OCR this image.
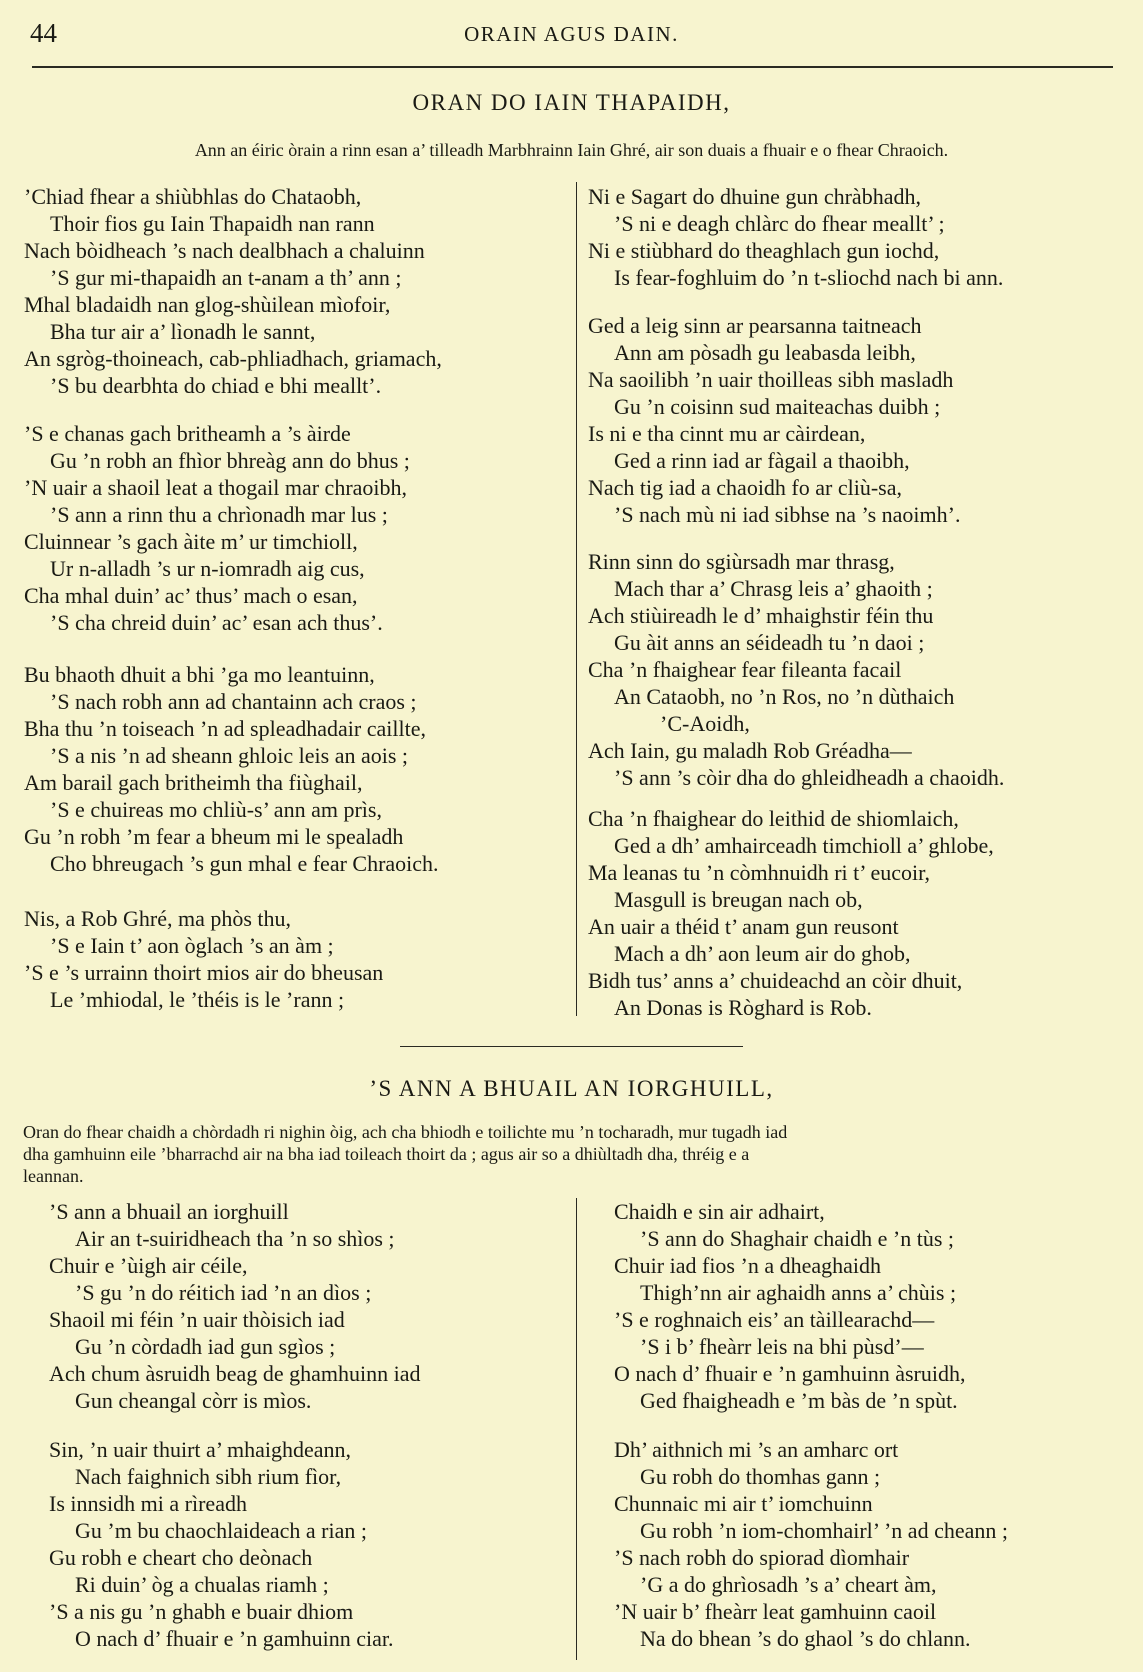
44	ORAIN AGUS DAIN.
ORAN DO IAIN THAPAIDH,
Ann an éiric òrain a rinn esan a’ tilleadh Marbhrainn Iain Ghré, air son duais a fhuair e o fhear Chraoich.
’Chiad fhear a shiùbhlas do Chataobh,
Thoir fios gu Iain Thapaidh nan rann
Nach bòidheach ’s nach dealbhach a chaluinn
’S gur mi-thapaidh an t-anam a th’ ann ;
Mhal bladaidh nan glog-shùilean mìofoir,
Bha tur air a’ lìonadh le sannt,
An sgròg-thoineach, cab-phliadhach, griamach,
’S bu dearbhta do chiad e bhi meallt’.
’S e chanas gach britheamh a ’s àirde
Gu ’n robh an fhìor bhreàg ann do bhus ;
’N uair a shaoil leat a thogail mar chraoibh,
’S ann a rinn thu a chrìonadh mar lus ;
Cluinnear ’s gach àite m’ ur timchioll,
Ur n-alladh ’s ur n-iomradh aig cus,
Cha mhal duin’ ac’ thus’ mach o esan,
’S cha chreid duin’ ac’ esan ach thus’.
Bu bhaoth dhuit a bhi ’ga mo leantuinn,
’S nach robh ann ad chantainn ach craos ;
Bha thu ’n toiseach ’n ad spleadhadair caillte,
’S a nis ’n ad sheann ghloic leis an aois ;
Am barail gach britheimh tha fiùghail,
’S e chuireas mo chliù-s’ ann am prìs,
Gu ’n robh ’m fear a bheum mi le spealadh
Cho bhreugach ’s gun mhal e fear Chraoich.
Nis, a Rob Ghré, ma phòs thu,
’S e Iain t’ aon òglach ’s an àm ;
’S e ’s urrainn thoirt mios air do bheusan
Le ’mhiodal, le ’théis is le ’rann ;
Ni e Sagart do dhuine gun chràbhadh,
’S ni e deagh chlàrc do fhear meallt’ ;
Ni e stiùbhard do theaghlach gun iochd,
Is fear-foghluim do ’n t-sliochd nach bi ann.
Ged a leig sinn ar pearsanna taitneach
Ann am pòsadh gu leabasda leibh,
Na saoilibh ’n uair thoilleas sibh masladh
Gu ’n coisinn sud maiteachas duibh ;
Is ni e tha cinnt mu ar càirdean,
Ged a rinn iad ar fàgail a thaoibh,
Nach tig iad a chaoidh fo ar cliù-sa,
’S nach mù ni iad sibhse na ’s naoimh’.
Rinn sinn do sgiùrsadh mar thrasg,
Mach thar a’ Chrasg leis a’ ghaoith ;
Ach stiùireadh le d’ mhaighstir féin thu
Gu àit anns an séideadh tu ’n daoi ;
Cha ’n fhaighear fear fileanta facail
An Cataobh, no ’n Ros, no ’n dùthaich
’C-Aoidh,
Ach Iain, gu maladh Rob Gréadha—
’S ann ’s còir dha do ghleidheadh a chaoidh.
Cha ’n fhaighear do leithid de shiomlaich,
Ged a dh’ amhairceadh timchioll a’ ghlobe,
Ma leanas tu ’n còmhnuidh ri t’ eucoir,
Masgull is breugan nach ob,
An uair a théid t’ anam gun reusont
Mach a dh’ aon leum air do ghob,
Bidh tus’ anns a’ chuideachd an còir dhuit,
An Donas is Ròghard is Rob.
’S ANN A BHUAIL AN IORGHUILL,
Oran do fhear chaidh a chòrdadh ri nighin òig, ach cha bhiodh e toilichte mu ’n tocharadh, mur tugadh iad
dha gamhuinn eile ’bharrachd air na bha iad toileach thoirt da ; agus air so a dhiùltadh dha, thréig e a
leannan.
’S ann a bhuail an iorghuill
Air an t-suiridheach tha ’n so shìos ;
Chuir e ’ùigh air céile,
’S gu ’n do réitich iad ’n an dìos ;
Shaoil mi féin ’n uair thòisich iad
Gu ’n còrdadh iad gun sgìos ;
Ach chum àsruidh beag de ghamhuinn iad
Gun cheangal còrr is mìos.
Sin, ’n uair thuirt a’ mhaighdeann,
Nach faighnich sibh rium fìor,
Is innsidh mi a rìreadh
Gu ’m bu chaochlaideach a rian ;
Gu robh e cheart cho deònach
Ri duin’ òg a chualas riamh ;
’S a nis gu ’n ghabh e buair dhiom
O nach d’ fhuair e ’n gamhuinn ciar.
Chaidh e sin air adhairt,
’S ann do Shaghair chaidh e ’n tùs ;
Chuir iad fios ’n a dheaghaidh
Thigh’nn air aghaidh anns a’ chùis ;
’S e roghnaich eis’ an tàillearachd—
’S i b’ fheàrr leis na bhi pùsd’—
O nach d’ fhuair e ’n gamhuinn àsruidh,
Ged fhaigheadh e ’m bàs de ’n spùt.
Dh’ aithnich mi ’s an amharc ort
Gu robh do thomhas gann ;
Chunnaic mi air t’ iomchuinn
Gu robh ’n iom-chomhairl’ ’n ad cheann ;
’S nach robh do spiorad dìomhair
’G a do ghrìosadh ’s a’ cheart àm,
’N uair b’ fheàrr leat gamhuinn caoil
Na do bhean ’s do ghaol ’s do chlann.
